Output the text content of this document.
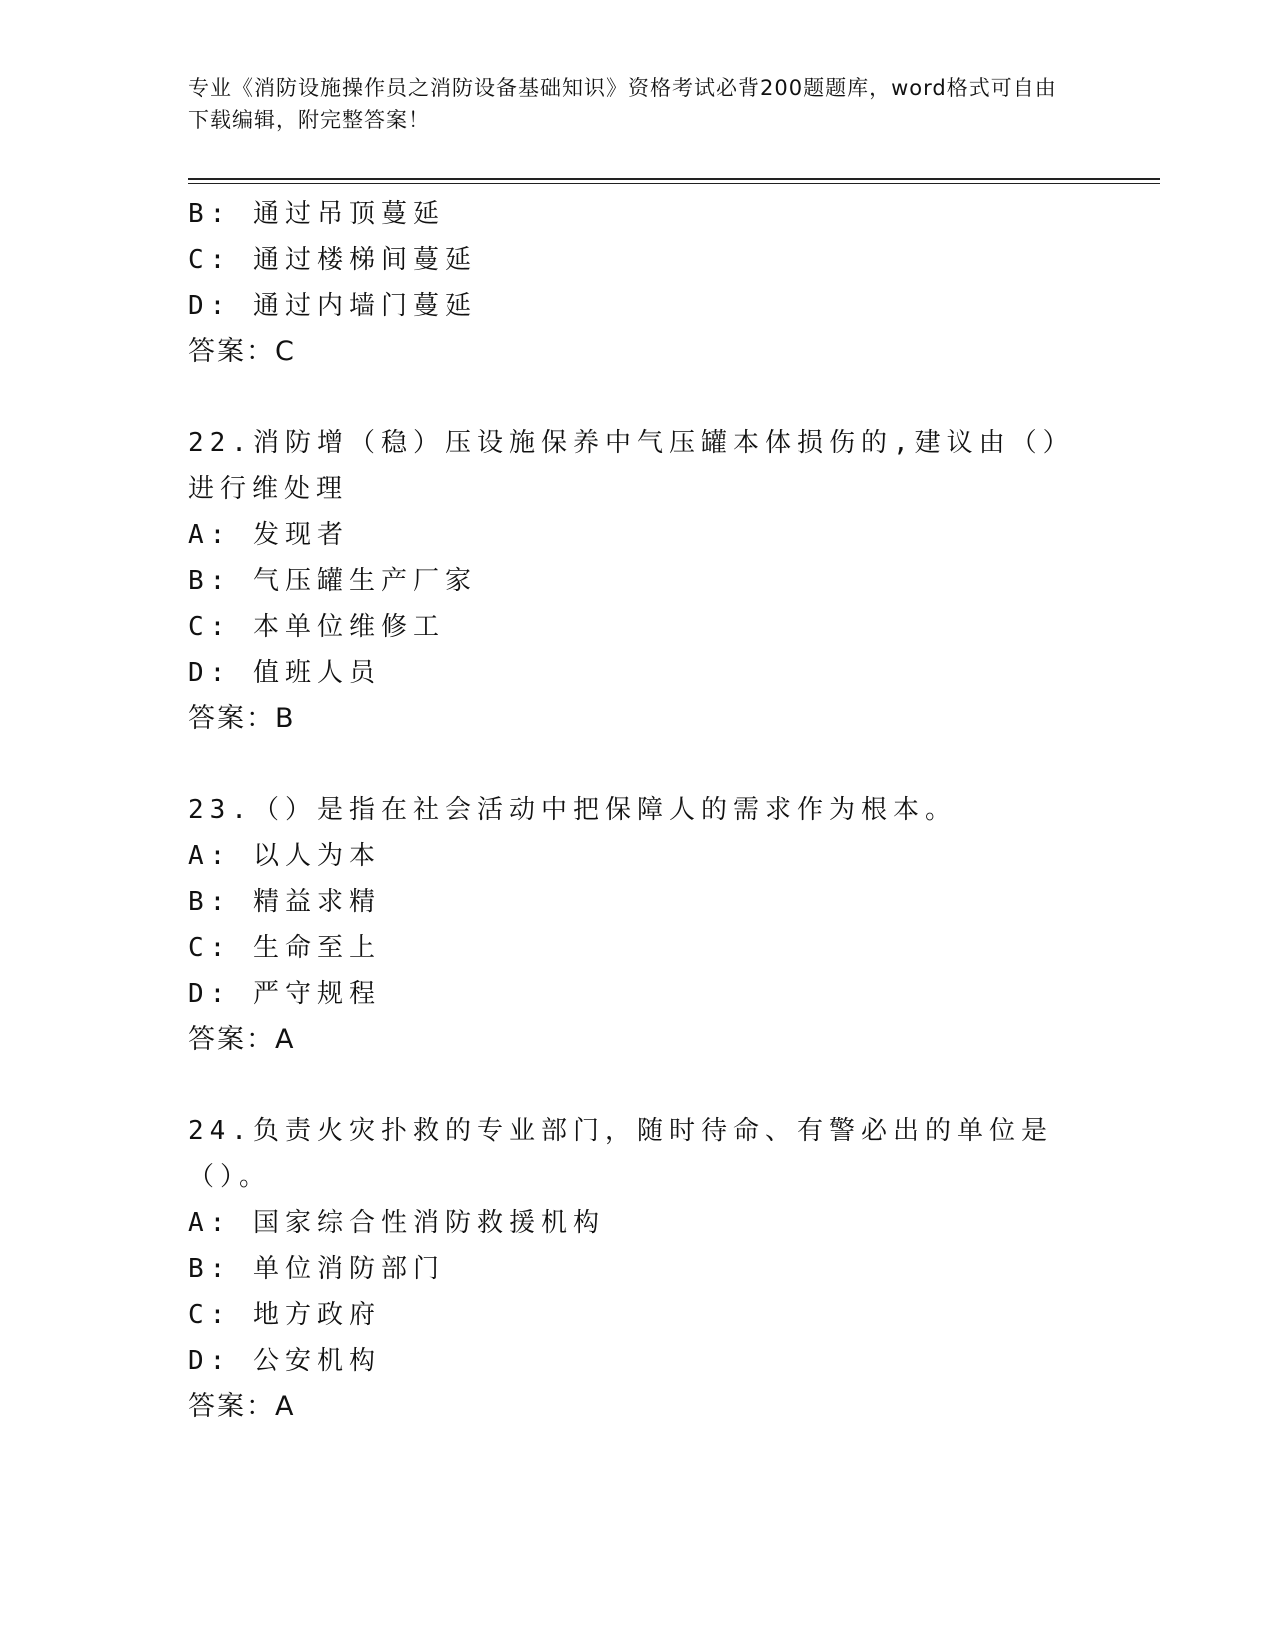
专业《消防设施操作员之消防设备基础知识》资格考试必背200题题库，word格式可自由下载编辑，附完整答案！
B: 通过吊顶蔓延
C: 通过楼梯间蔓延
D: 通过内墙门蔓延
答案：C
22.消防增（稳）压设施保养中气压罐本体损伤的,建议由（）进行维处理
A: 发现者
B: 气压罐生产厂家
C: 本单位维修工
D: 值班人员
答案：B
23.（）是指在社会活动中把保障人的需求作为根本。
A: 以人为本
B: 精益求精
C: 生命至上
D: 严守规程
答案：A
24.负责火灾扑救的专业部门，随时待命、有警必出的单位是（）。
A: 国家综合性消防救援机构
B: 单位消防部门
C: 地方政府
D: 公安机构
答案：A
